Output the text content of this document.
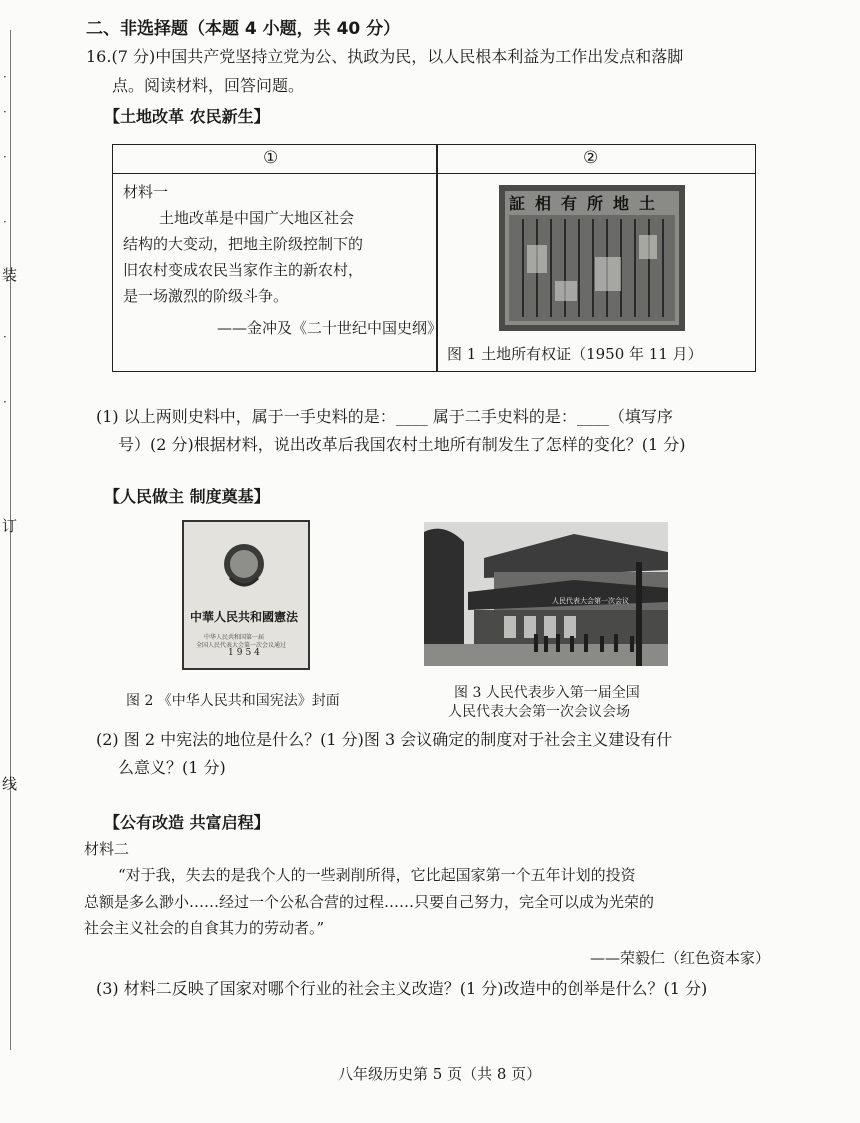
装
订
线
·
·
·
·
·
·
二、非选择题（本题 4 小题，共 40 分）
16.(7 分)中国共产党坚持立党为公、执政为民，以人民根本利益为工作出发点和落脚
点。阅读材料，回答问题。
【土地改革 农民新生】
①	②
材料一
土地改革是中国广大地区社会
结构的大变动，把地主阶级控制下的
旧农村变成农民当家作主的新农村，
是一场激烈的阶级斗争。
——金冲及《二十世纪中国史纲》
証相有所地土
图 1 土地所有权证（1950 年 11 月）
(1) 以上两则史料中，属于一手史料的是：____ 属于二手史料的是：____（填写序
号）(2 分)根据材料，说出改革后我国农村土地所有制发生了怎样的变化？(1 分)
【人民做主 制度奠基】
中華人民共和國憲法
中华人民共和国第一届
全国人民代表大会第一次会议通过
1954
人民代表大会第一次会议
图 2 《中华人民共和国宪法》封面	图 3 人民代表步入第一届全国
人民代表大会第一次会议会场
(2) 图 2 中宪法的地位是什么？(1 分)图 3 会议确定的制度对于社会主义建设有什
么意义？(1 分)
【公有改造 共富启程】
材料二
“对于我，失去的是我个人的一些剥削所得，它比起国家第一个五年计划的投资
总额是多么渺小……经过一个公私合营的过程……只要自己努力，完全可以成为光荣的
社会主义社会的自食其力的劳动者。”
——荣毅仁（红色资本家）
(3) 材料二反映了国家对哪个行业的社会主义改造？(1 分)改造中的创举是什么？(1 分)
八年级历史第 5 页（共 8 页）
